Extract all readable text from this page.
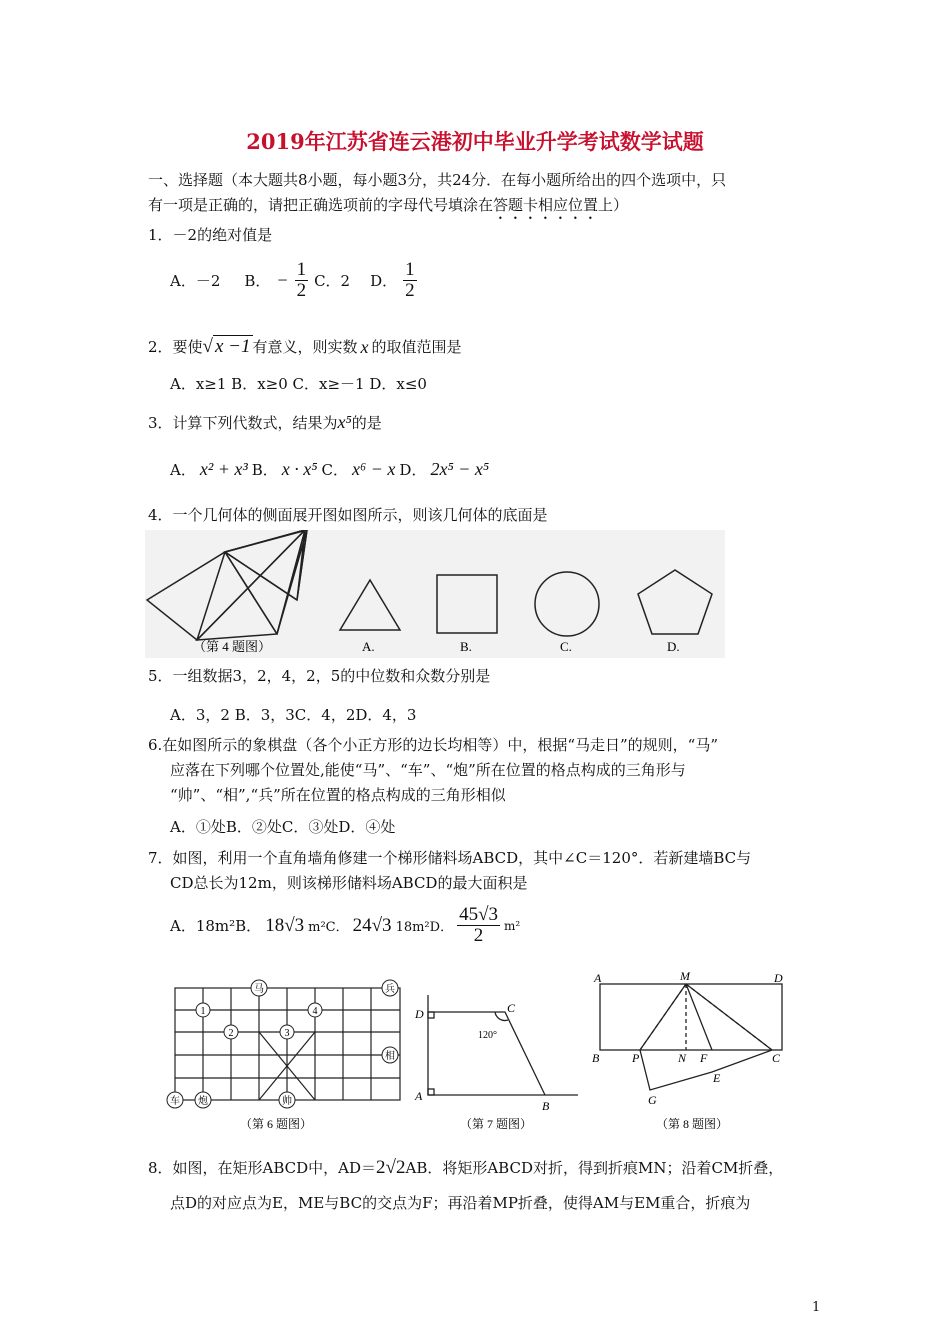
2019年江苏省连云港初中毕业升学考试数学试题
一、选择题（本大题共8小题，每小题3分，共24分．在每小题所给出的四个选项中，只
有一项是正确的，请把正确选项前的字母代号填涂在答题卡相应位置上）
1．－2的绝对值是
A．－2 B． − $\frac{1}{2}$ C．2 D． $\frac{1}{2}$
2．要使 √ x −1 有意义，则实数 x 的取值范围是
A．x≥1 B．x≥0 C．x≥－1 D．x≤0
3．计算下列代数式，结果为x⁵的是
A． x² + x³ B． x · x⁵ C． x⁶ − x D． 2x⁵ − x⁵
4．一个几何体的侧面展开图如图所示，则该几何体的底面是
（第 4 题图）	A.	B.	C.	D.
5．一组数据3，2，4，2，5的中位数和众数分别是
A．3，2 B．3，3C．4，2D．4，3
6.在如图所示的象棋盘（各个小正方形的边长均相等）中，根据“马走日”的规则，“马”
应落在下列哪个位置处,能使“马”、“车”、“炮”所在位置的格点构成的三角形与
“帅”、“相”,“兵”所在位置的格点构成的三角形相似
A．①处B．②处C．③处D．④处
7．如图，利用一个直角墙角修建一个梯形储料场ABCD，其中∠C＝120°．若新建墙BC与
CD总长为12m，则该梯形储料场ABCD的最大面积是
A．18m²B． 18√3 m²C． 24√3 18m²D． $\frac{45√3}{2} m^2$
马	兵
相
车 炮	帅
1
2	3
4
（第 6 题图）
D	C
A
B
120°
（第 7 题图）
A	M	D
B	P	N F	C
E
G
（第 8 题图）
8．如图，在矩形ABCD中，AD＝2√2AB．将矩形ABCD对折，得到折痕MN；沿着CM折叠，
点D的对应点为E，ME与BC的交点为F；再沿着MP折叠，使得AM与EM重合，折痕为
1
